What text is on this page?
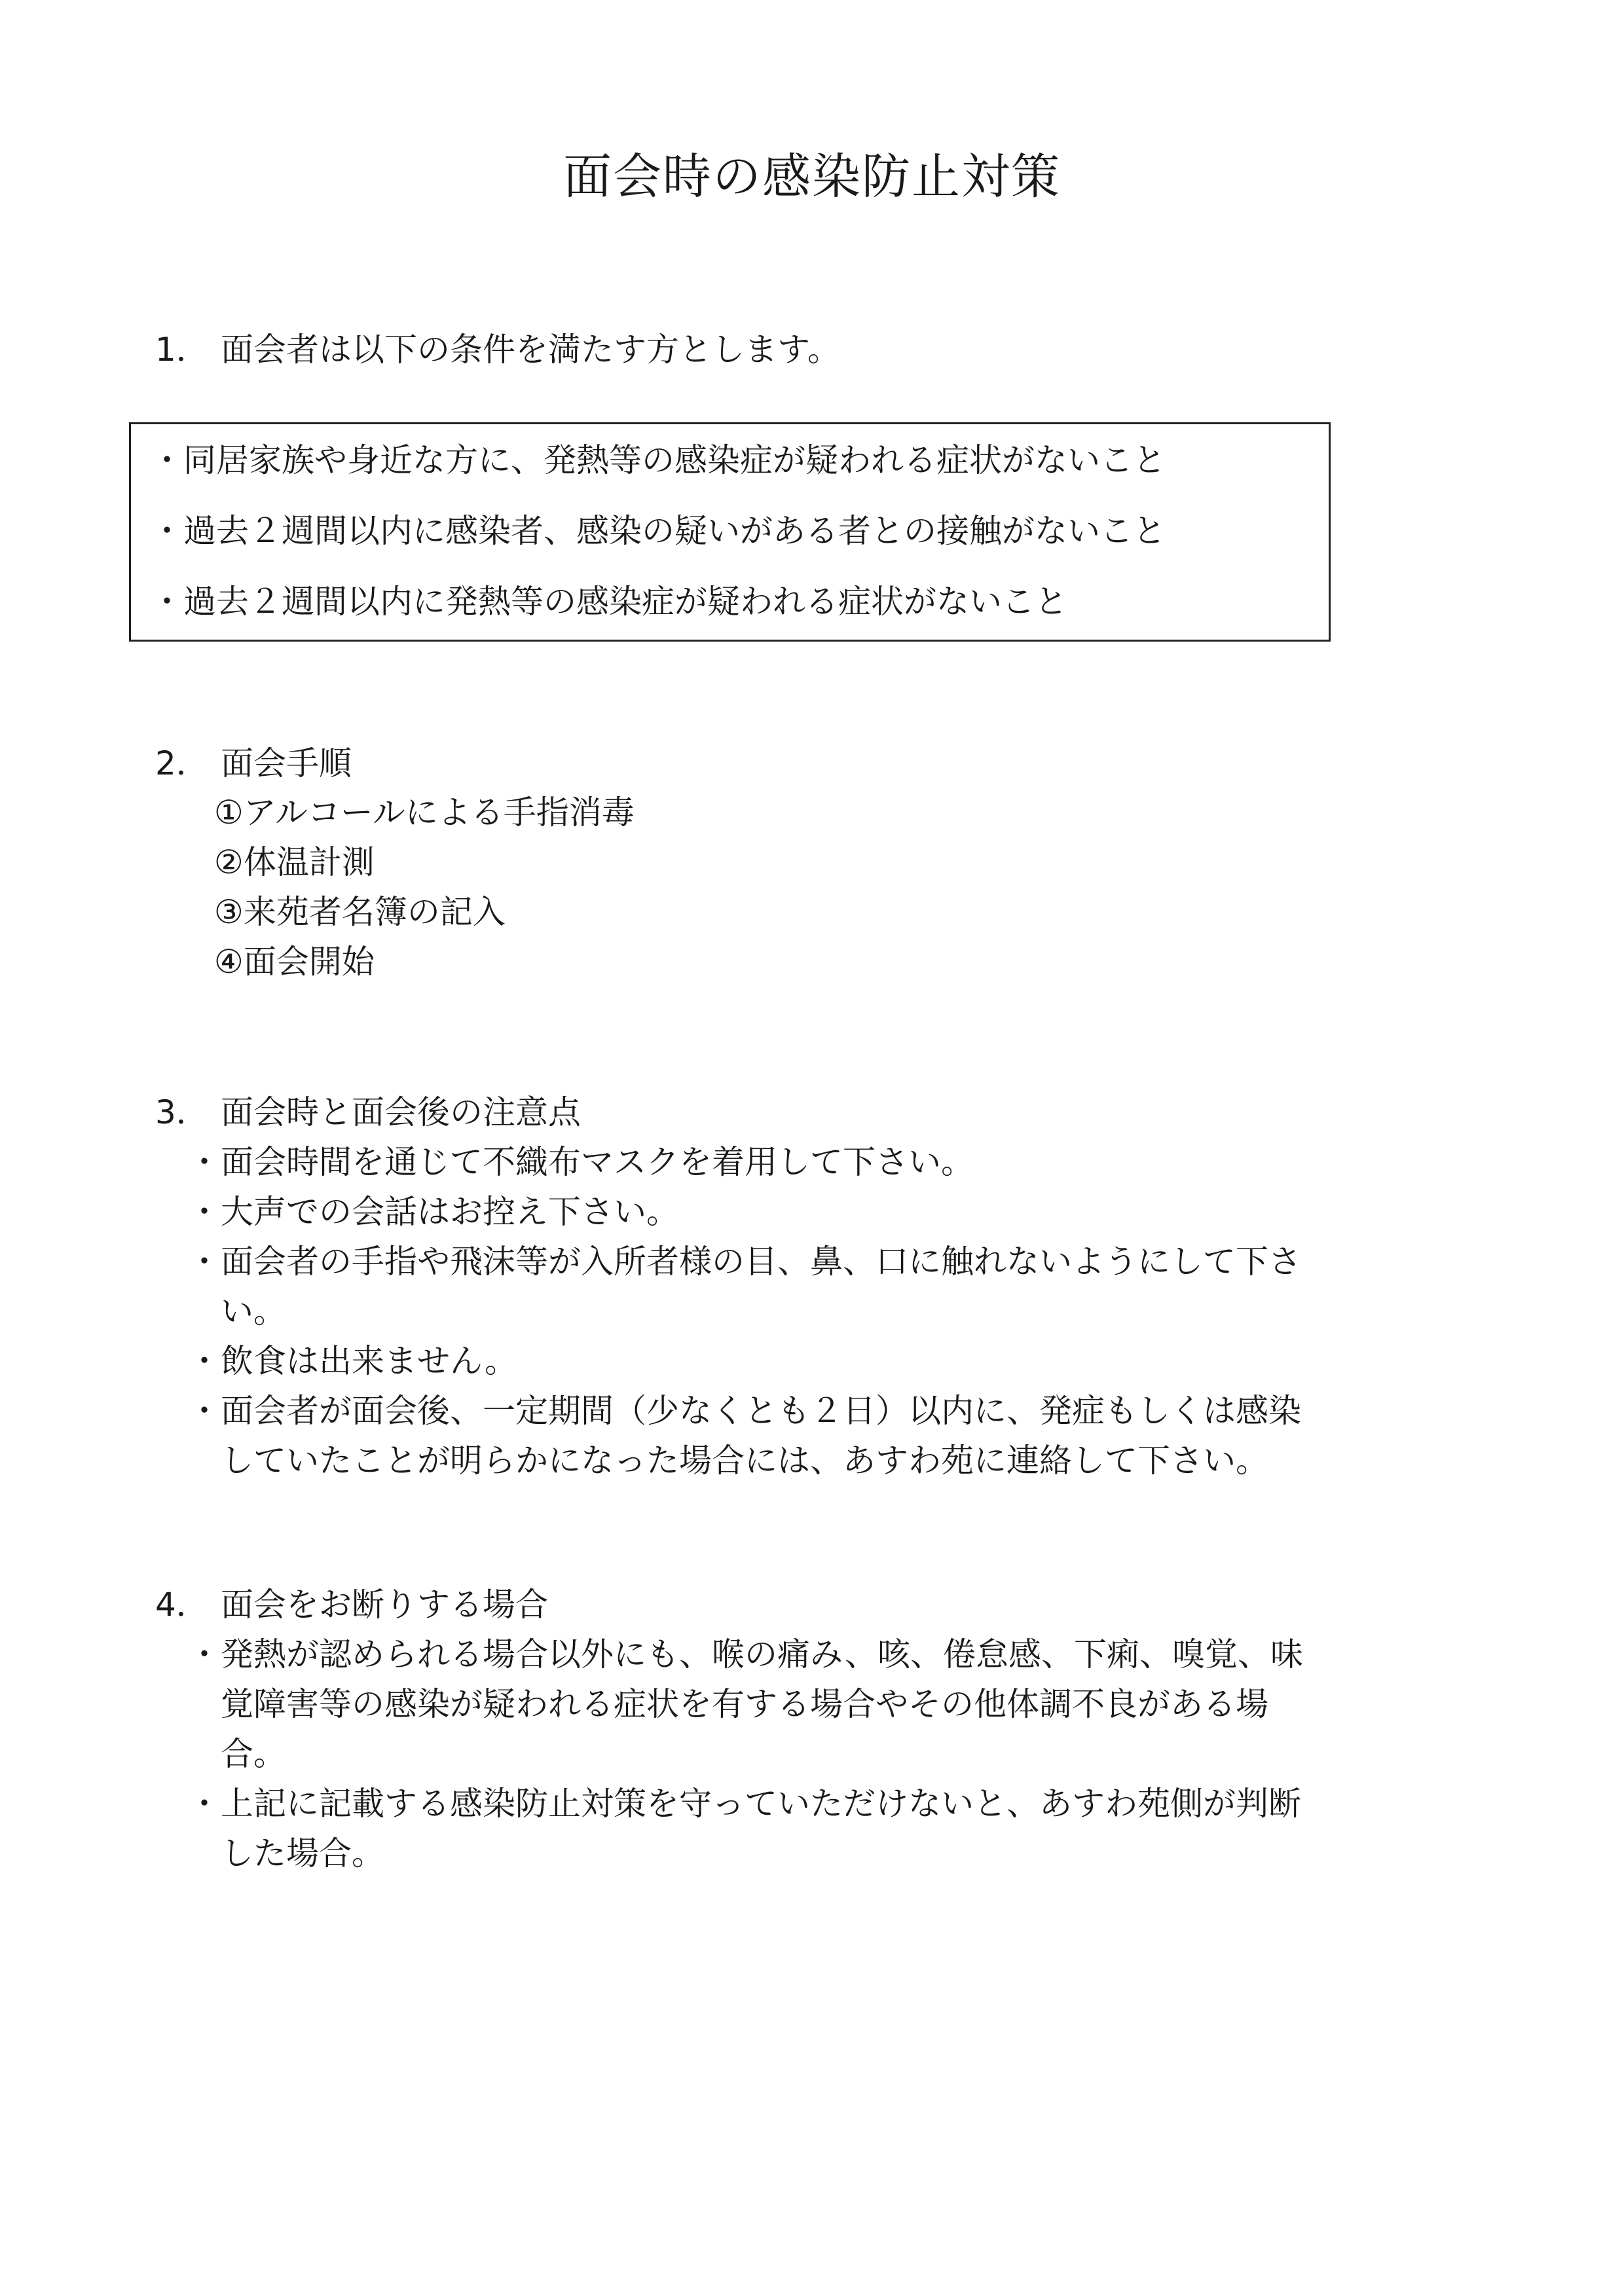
面会時の感染防止対策
1． 面会者は以下の条件を満たす方とします。
・同居家族や身近な方に、発熱等の感染症が疑われる症状がないこと
・過去２週間以内に感染者、感染の疑いがある者との接触がないこと
・過去２週間以内に発熱等の感染症が疑われる症状がないこと
2． 面会手順
①アルコールによる手指消毒
②体温計測
③来苑者名簿の記入
④面会開始
3． 面会時と面会後の注意点
・ 面会時間を通じて不織布マスクを着用して下さい。
・ 大声での会話はお控え下さい。
・ 面会者の手指や飛沫等が入所者様の目、鼻、口に触れないようにして下さ
い。
・ 飲食は出来ません。
・ 面会者が面会後、一定期間（少なくとも２日）以内に、発症もしくは感染
していたことが明らかになった場合には、あすわ苑に連絡して下さい。
4． 面会をお断りする場合
・ 発熱が認められる場合以外にも、喉の痛み、咳、倦怠感、下痢、嗅覚、味
覚障害等の感染が疑われる症状を有する場合やその他体調不良がある場
合。
・ 上記に記載する感染防止対策を守っていただけないと、あすわ苑側が判断
した場合。
